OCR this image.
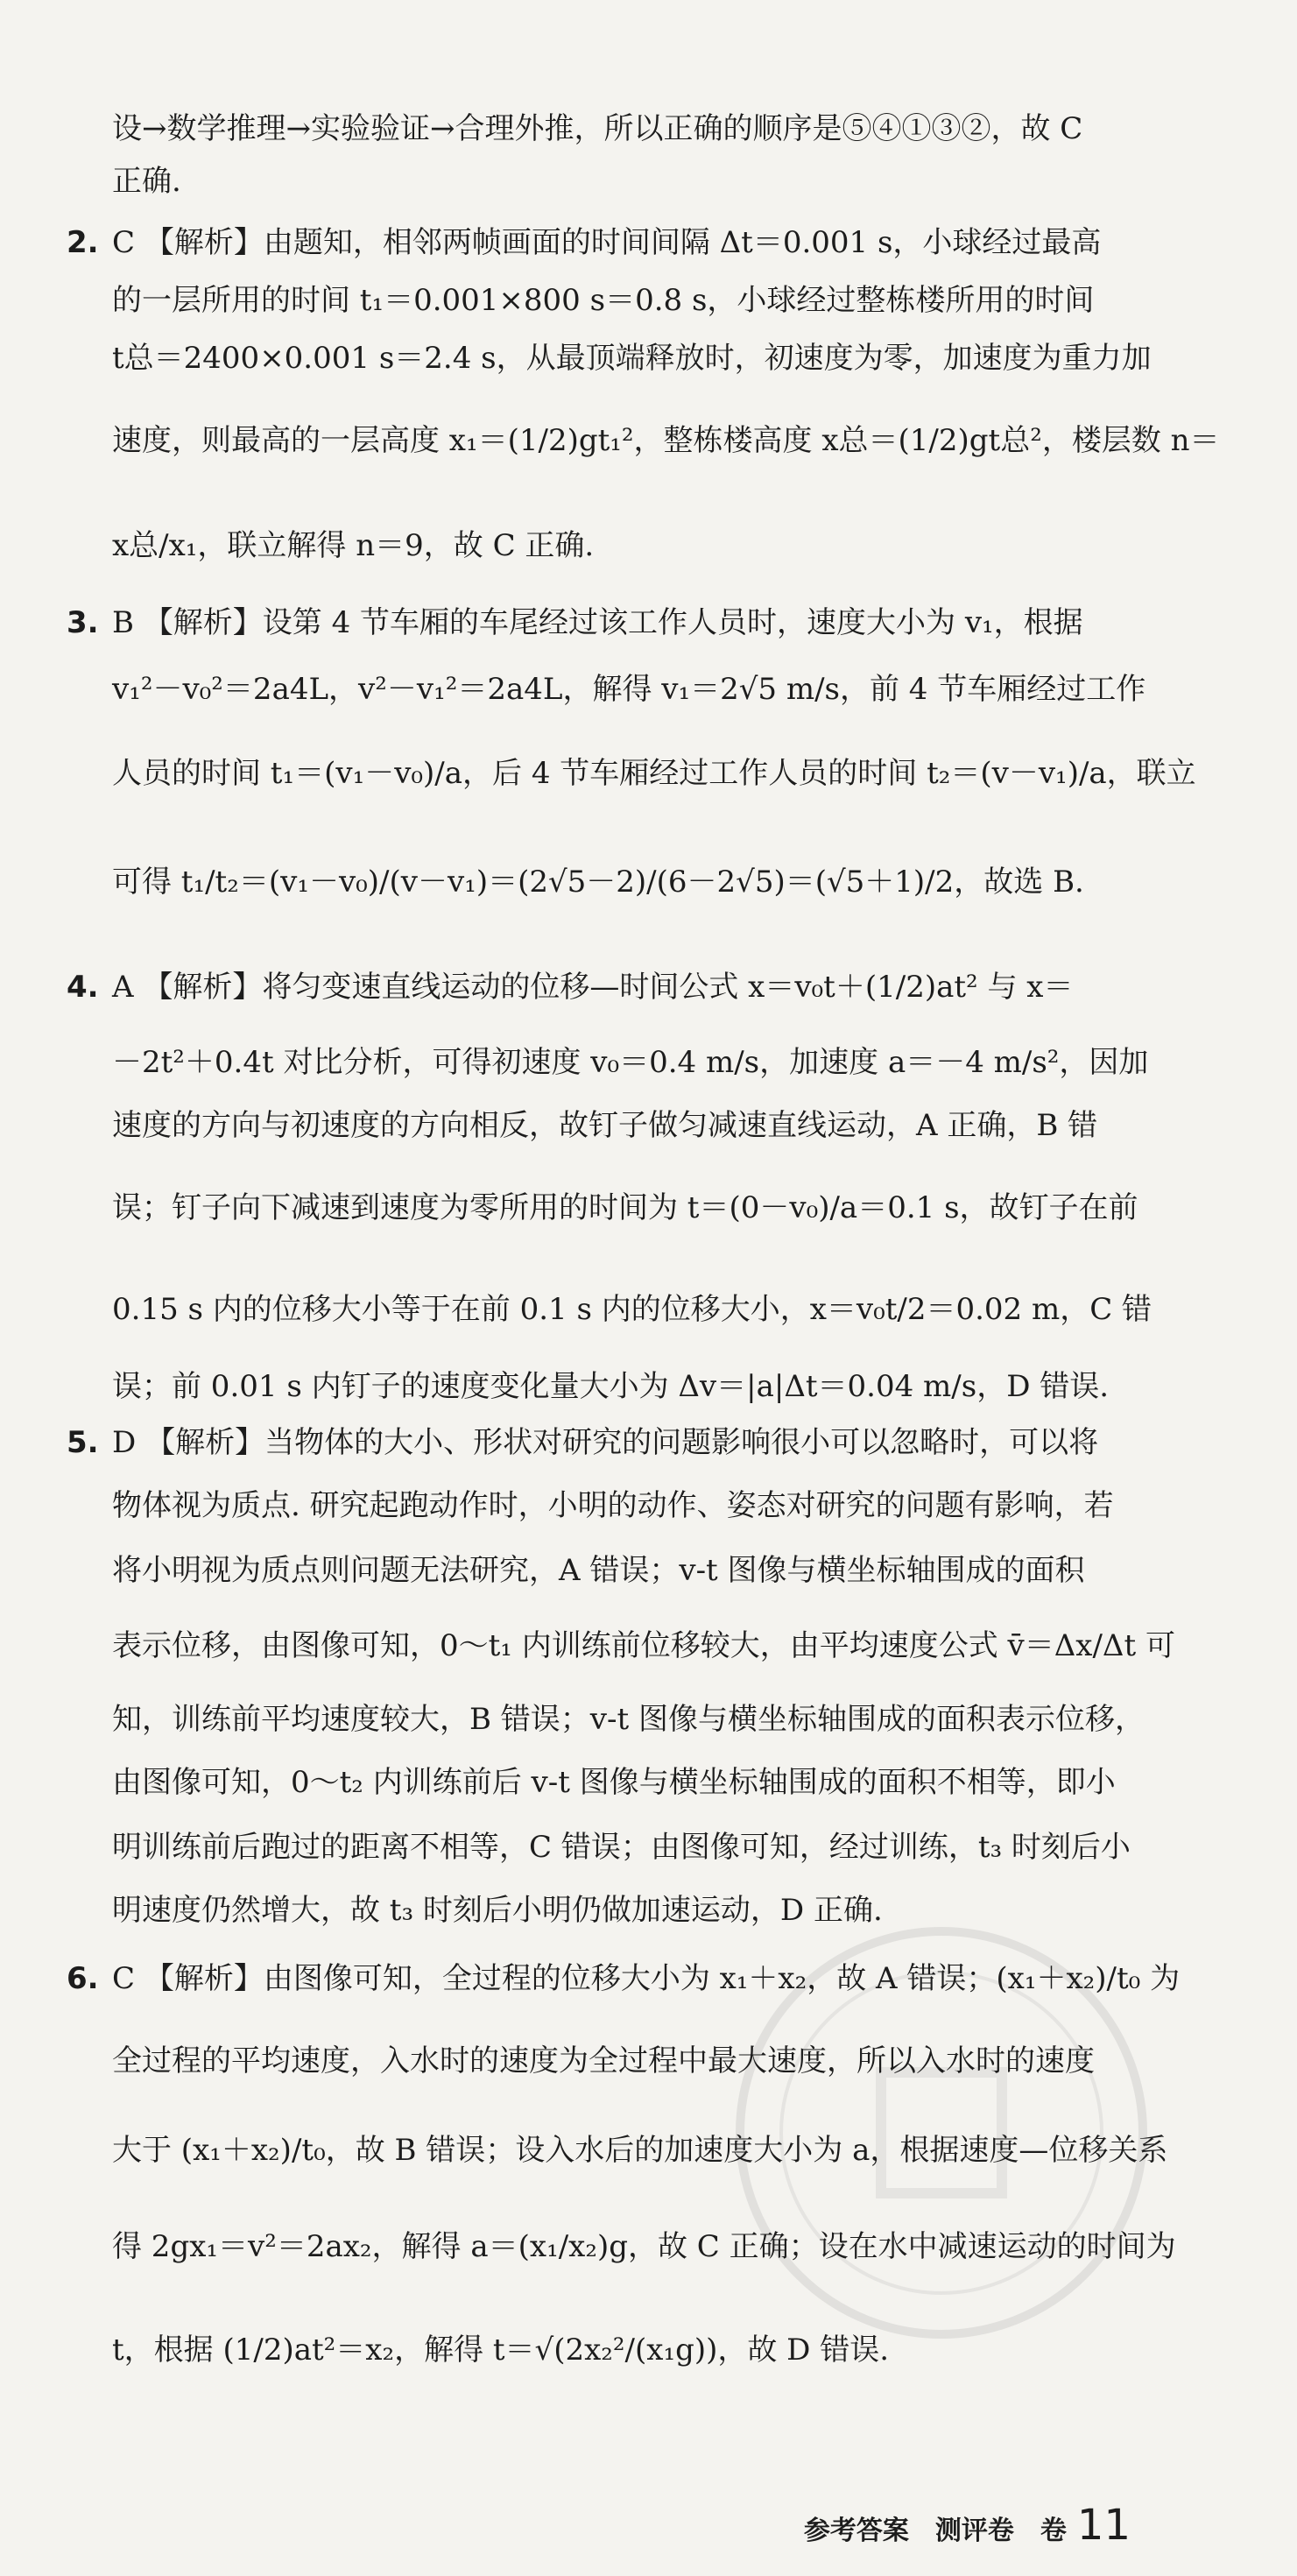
设→数学推理→实验验证→合理外推，所以正确的顺序是⑤④①③②，故 C
正确.
2. C 【解析】由题知，相邻两帧画面的时间间隔 Δt＝0.001 s，小球经过最高
的一层所用的时间 t₁＝0.001×800 s＝0.8 s，小球经过整栋楼所用的时间
t总＝2400×0.001 s＝2.4 s，从最顶端释放时，初速度为零，加速度为重力加
速度，则最高的一层高度 x₁＝(1/2)gt₁²，整栋楼高度 x总＝(1/2)gt总²，楼层数 n＝
x总/x₁，联立解得 n＝9，故 C 正确.
3. B 【解析】设第 4 节车厢的车尾经过该工作人员时，速度大小为 v₁，根据
v₁²－v₀²＝2a4L，v²－v₁²＝2a4L，解得 v₁＝2√5 m/s，前 4 节车厢经过工作
人员的时间 t₁＝(v₁－v₀)/a，后 4 节车厢经过工作人员的时间 t₂＝(v－v₁)/a，联立
可得 t₁/t₂＝(v₁－v₀)/(v－v₁)＝(2√5－2)/(6－2√5)＝(√5＋1)/2，故选 B.
4. A 【解析】将匀变速直线运动的位移—时间公式 x＝v₀t＋(1/2)at² 与 x＝
－2t²＋0.4t 对比分析，可得初速度 v₀＝0.4 m/s，加速度 a＝－4 m/s²，因加
速度的方向与初速度的方向相反，故钉子做匀减速直线运动，A 正确，B 错
误；钉子向下减速到速度为零所用的时间为 t＝(0－v₀)/a＝0.1 s，故钉子在前
0.15 s 内的位移大小等于在前 0.1 s 内的位移大小，x＝v₀t/2＝0.02 m，C 错
误；前 0.01 s 内钉子的速度变化量大小为 Δv＝|a|Δt＝0.04 m/s，D 错误.
5. D 【解析】当物体的大小、形状对研究的问题影响很小可以忽略时，可以将
物体视为质点. 研究起跑动作时，小明的动作、姿态对研究的问题有影响，若
将小明视为质点则问题无法研究，A 错误；v-t 图像与横坐标轴围成的面积
表示位移，由图像可知，0～t₁ 内训练前位移较大，由平均速度公式 v̄＝Δx/Δt 可
知，训练前平均速度较大，B 错误；v-t 图像与横坐标轴围成的面积表示位移，
由图像可知，0～t₂ 内训练前后 v-t 图像与横坐标轴围成的面积不相等，即小
明训练前后跑过的距离不相等，C 错误；由图像可知，经过训练，t₃ 时刻后小
明速度仍然增大，故 t₃ 时刻后小明仍做加速运动，D 正确.
6. C 【解析】由图像可知，全过程的位移大小为 x₁＋x₂，故 A 错误；(x₁＋x₂)/t₀ 为
全过程的平均速度，入水时的速度为全过程中最大速度，所以入水时的速度
大于 (x₁＋x₂)/t₀，故 B 错误；设入水后的加速度大小为 a，根据速度—位移关系
得 2gx₁＝v²＝2ax₂，解得 a＝(x₁/x₂)g，故 C 正确；设在水中减速运动的时间为
t，根据 (1/2)at²＝x₂，解得 t＝√(2x₂²/(x₁g))，故 D 错误.
参考答案　测评卷　卷 11
